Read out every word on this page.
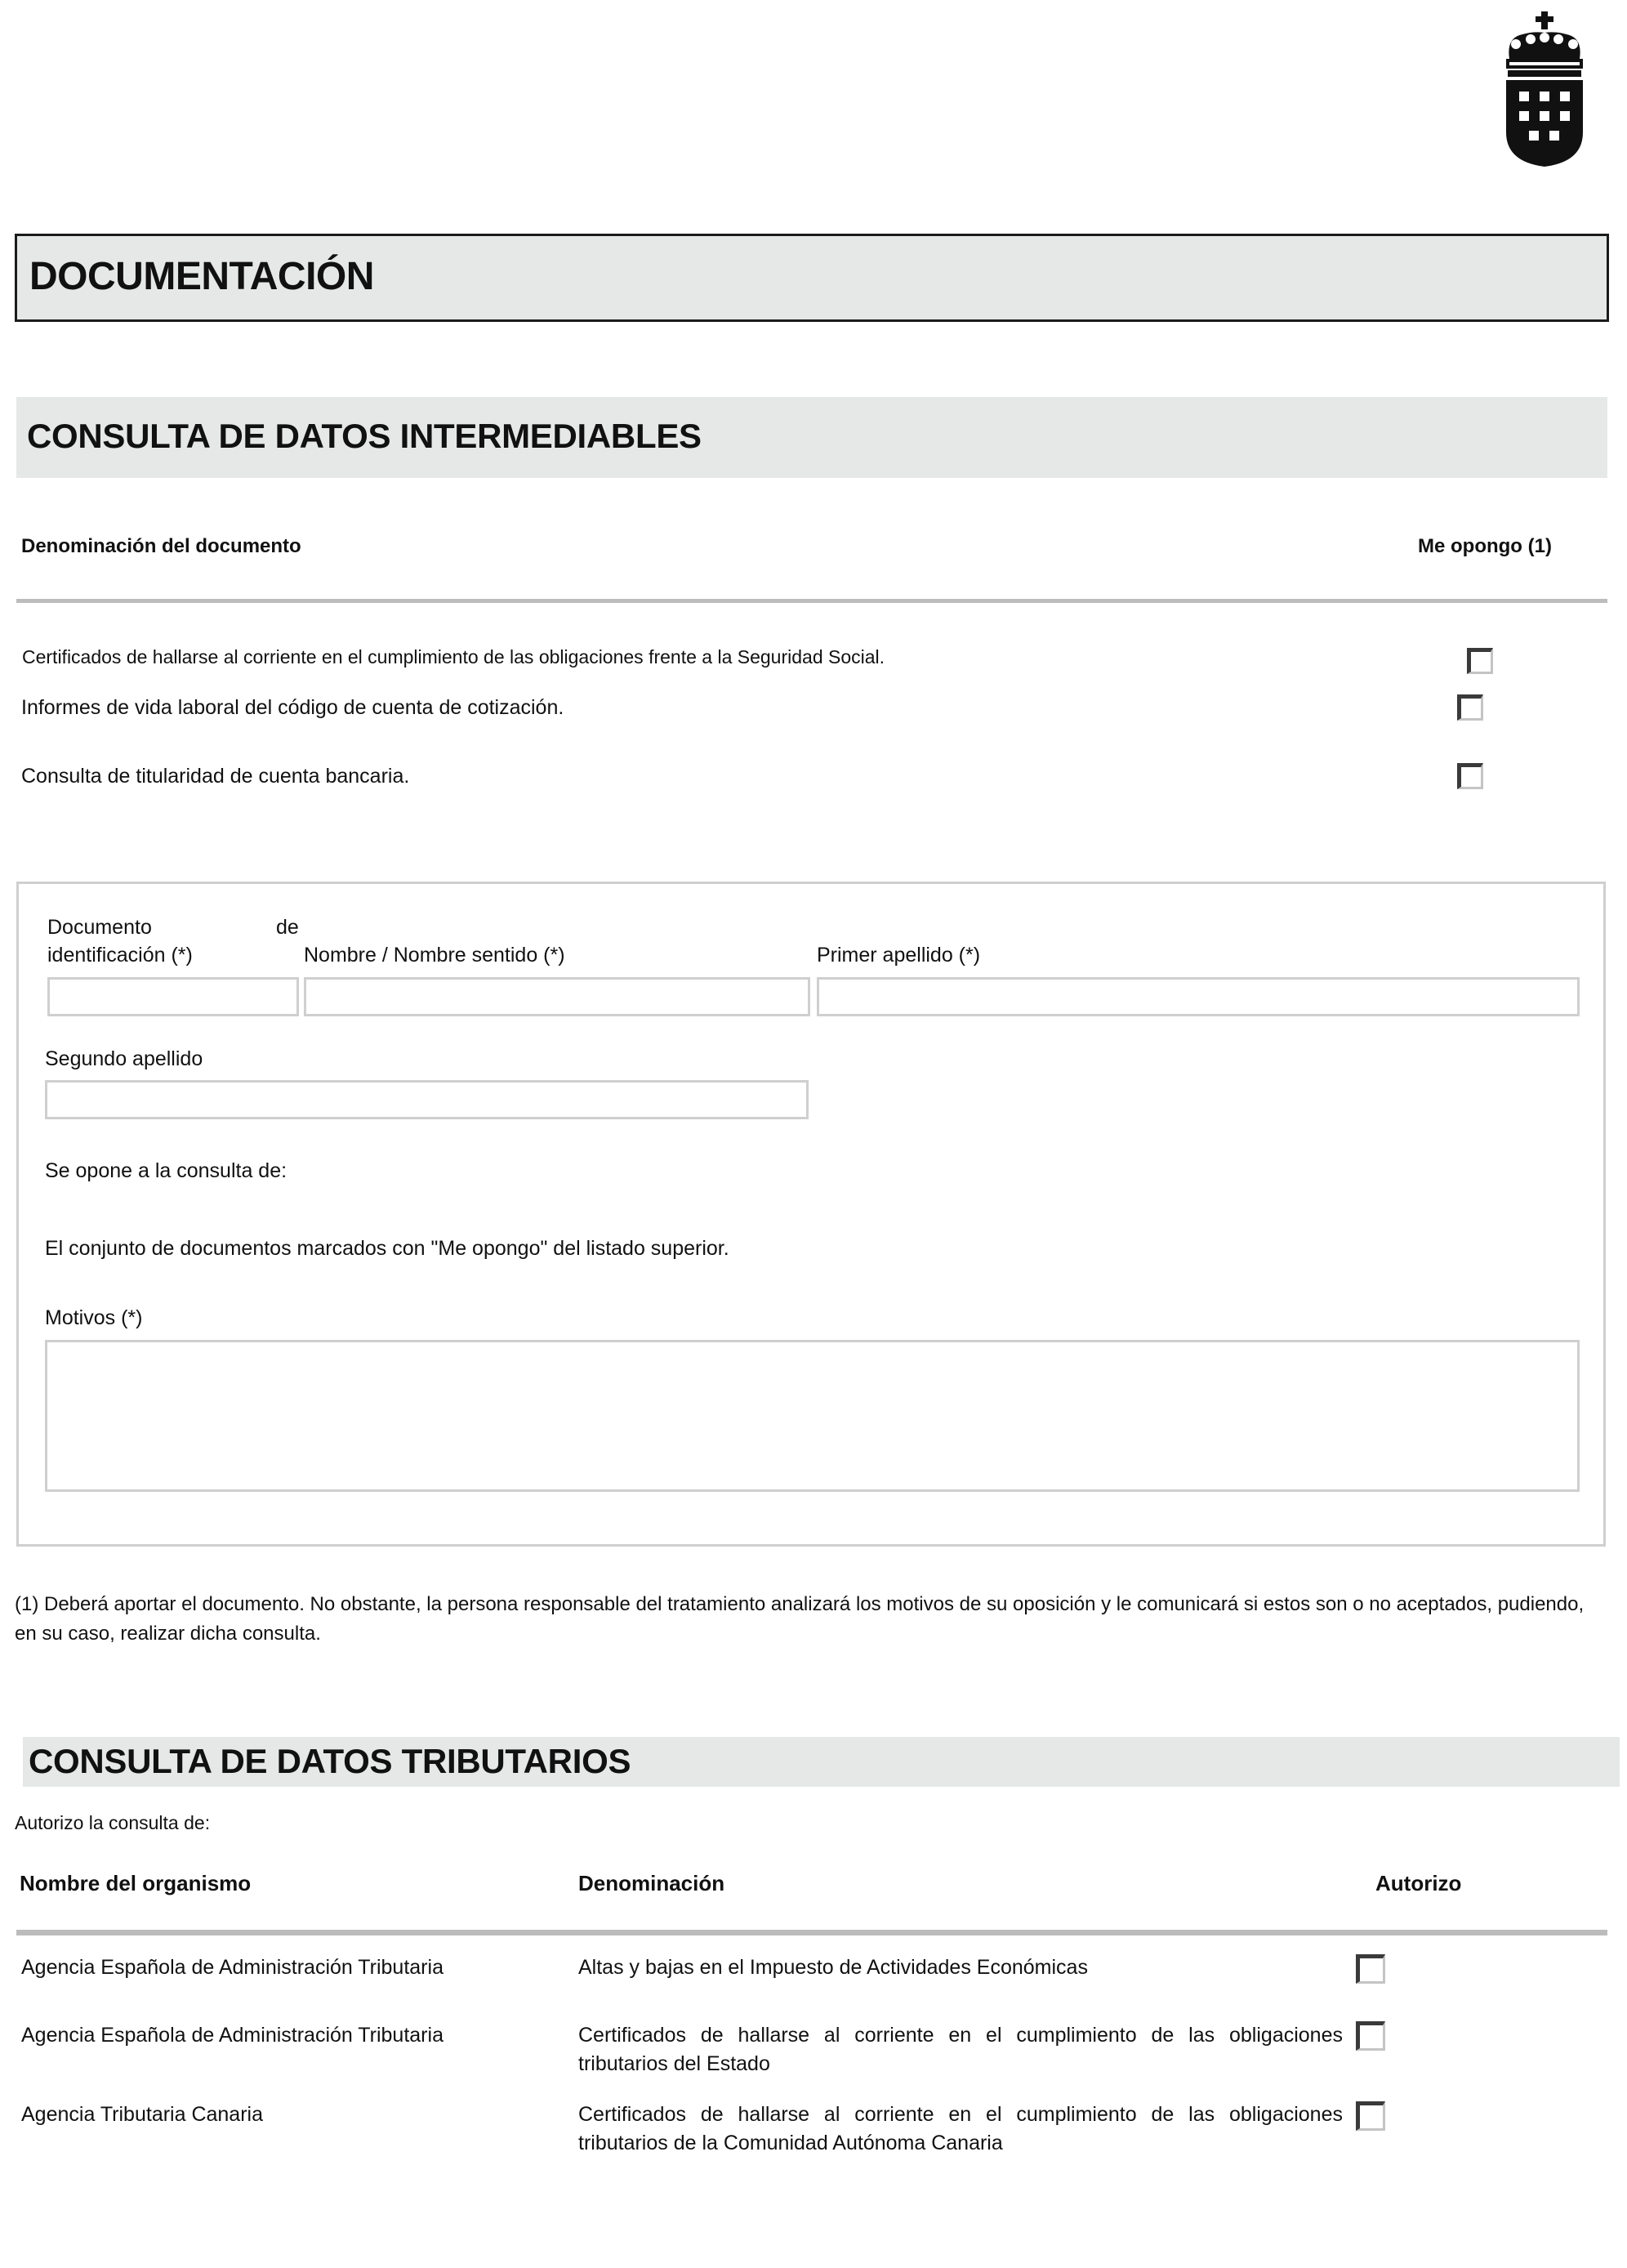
DOCUMENTACIÓN
CONSULTA DE DATOS INTERMEDIABLES
Denominación del documento	Me opongo (1)
Certificados de hallarse al corriente en el cumplimiento de las obligaciones frente a la Seguridad Social.
Informes de vida laboral del código de cuenta de cotización.
Consulta de titularidad de cuenta bancaria.
Documento	de
identificación (*)	Nombre / Nombre sentido (*)	Primer apellido (*)
Segundo apellido
Se opone a la consulta de:
El conjunto de documentos marcados con "Me opongo" del listado superior.
Motivos (*)
(1) Deberá aportar el documento. No obstante, la persona responsable del tratamiento analizará los motivos de su oposición y le comunicará si estos son o no aceptados, pudiendo,
en su caso, realizar dicha consulta.
CONSULTA DE DATOS TRIBUTARIOS
Autorizo la consulta de:
Nombre del organismo	Denominación	Autorizo
Agencia Española de Administración Tributaria	Altas y bajas en el Impuesto de Actividades Económicas
Agencia Española de Administración Tributaria	Certificados de hallarse al corriente en el cumplimiento de las obligaciones
tributarios del Estado
Agencia Tributaria Canaria	Certificados de hallarse al corriente en el cumplimiento de las obligaciones
tributarios de la Comunidad Autónoma Canaria
